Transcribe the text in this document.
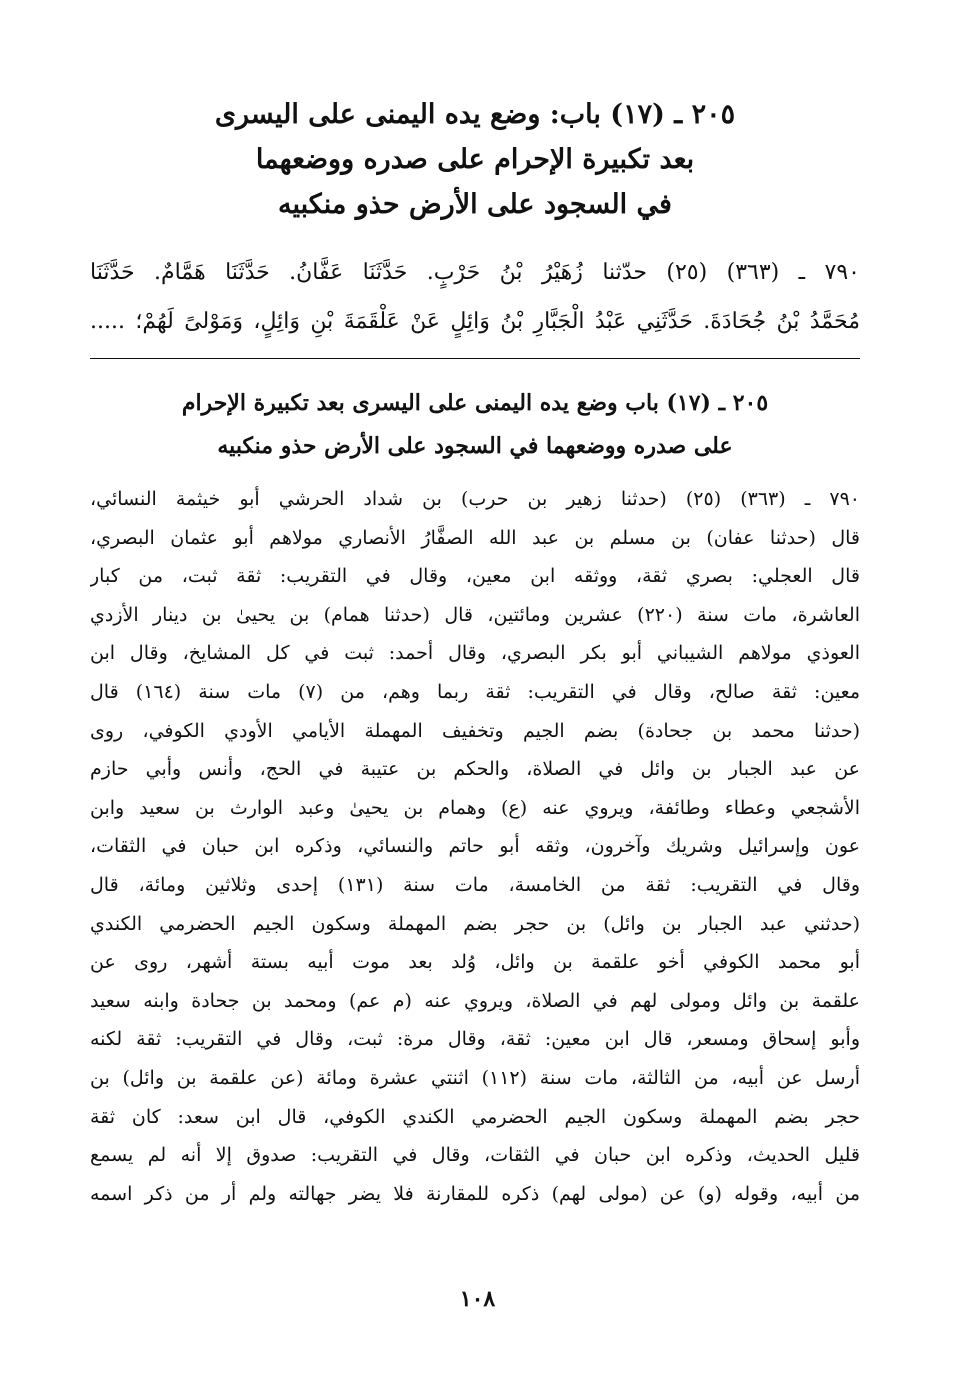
٢٠٥ ـ (١٧) باب: وضع يده اليمنى على اليسرى
بعد تكبيرة الإحرام على صدره ووضعهما
في السجود على الأرض حذو منكبيه
٧٩٠ ـ (٣٦٣) (٢٥) حدّثنا زُهَيْرُ بْنُ حَرْبٍ. حَدَّثَنَا عَفَّانُ. حَدَّثَنَا هَمَّامٌ. حَدَّثَنَا
مُحَمَّدُ بْنُ جُحَادَةَ. حَدَّثَنِي عَبْدُ الْجَبَّارِ بْنُ وَائِلٍ عَنْ عَلْقَمَةَ بْنِ وَائِلٍ، وَمَوْلىً لَهُمْ؛ .....
٢٠٥ ـ (١٧) باب وضع يده اليمنى على اليسرى بعد تكبيرة الإحرام
على صدره ووضعهما في السجود على الأرض حذو منكبيه
٧٩٠ ـ (٣٦٣) (٢٥) (حدثنا زهير بن حرب) بن شداد الحرشي أبو خيثمة النسائي،
قال (حدثنا عفان) بن مسلم بن عبد الله الصفَّارُ الأنصاري مولاهم أبو عثمان البصري،
قال العجلي: بصري ثقة، ووثقه ابن معين، وقال في التقريب: ثقة ثبت، من كبار
العاشرة، مات سنة (٢٢٠) عشرين ومائتين، قال (حدثنا همام) بن يحيىٰ بن دينار الأزدي
العوذي مولاهم الشيباني أبو بكر البصري، وقال أحمد: ثبت في كل المشايخ، وقال ابن
معين: ثقة صالح، وقال في التقريب: ثقة ربما وهم، من (٧) مات سنة (١٦٤) قال
(حدثنا محمد بن جحادة) بضم الجيم وتخفيف المهملة الأيامي الأودي الكوفي، روى
عن عبد الجبار بن وائل في الصلاة، والحكم بن عتيبة في الحج، وأنس وأبي حازم
الأشجعي وعطاء وطائفة، ويروي عنه (ع) وهمام بن يحيىٰ وعبد الوارث بن سعيد وابن
عون وإسرائيل وشريك وآخرون، وثقه أبو حاتم والنسائي، وذكره ابن حبان في الثقات،
وقال في التقريب: ثقة من الخامسة، مات سنة (١٣١) إحدى وثلاثين ومائة، قال
(حدثني عبد الجبار بن وائل) بن حجر بضم المهملة وسكون الجيم الحضرمي الكندي
أبو محمد الكوفي أخو علقمة بن وائل، وُلد بعد موت أبيه بستة أشهر، روى عن
علقمة بن وائل ومولى لهم في الصلاة، ويروي عنه (م عم) ومحمد بن جحادة وابنه سعيد
وأبو إسحاق ومسعر، قال ابن معين: ثقة، وقال مرة: ثبت، وقال في التقريب: ثقة لكنه
أرسل عن أبيه، من الثالثة، مات سنة (١١٢) اثنتي عشرة ومائة (عن علقمة بن وائل) بن
حجر بضم المهملة وسكون الجيم الحضرمي الكندي الكوفي، قال ابن سعد: كان ثقة
قليل الحديث، وذكره ابن حبان في الثقات، وقال في التقريب: صدوق إلا أنه لم يسمع
من أبيه، وقوله (و) عن (مولى لهم) ذكره للمقارنة فلا يضر جهالته ولم أر من ذكر اسمه
١٠٨
